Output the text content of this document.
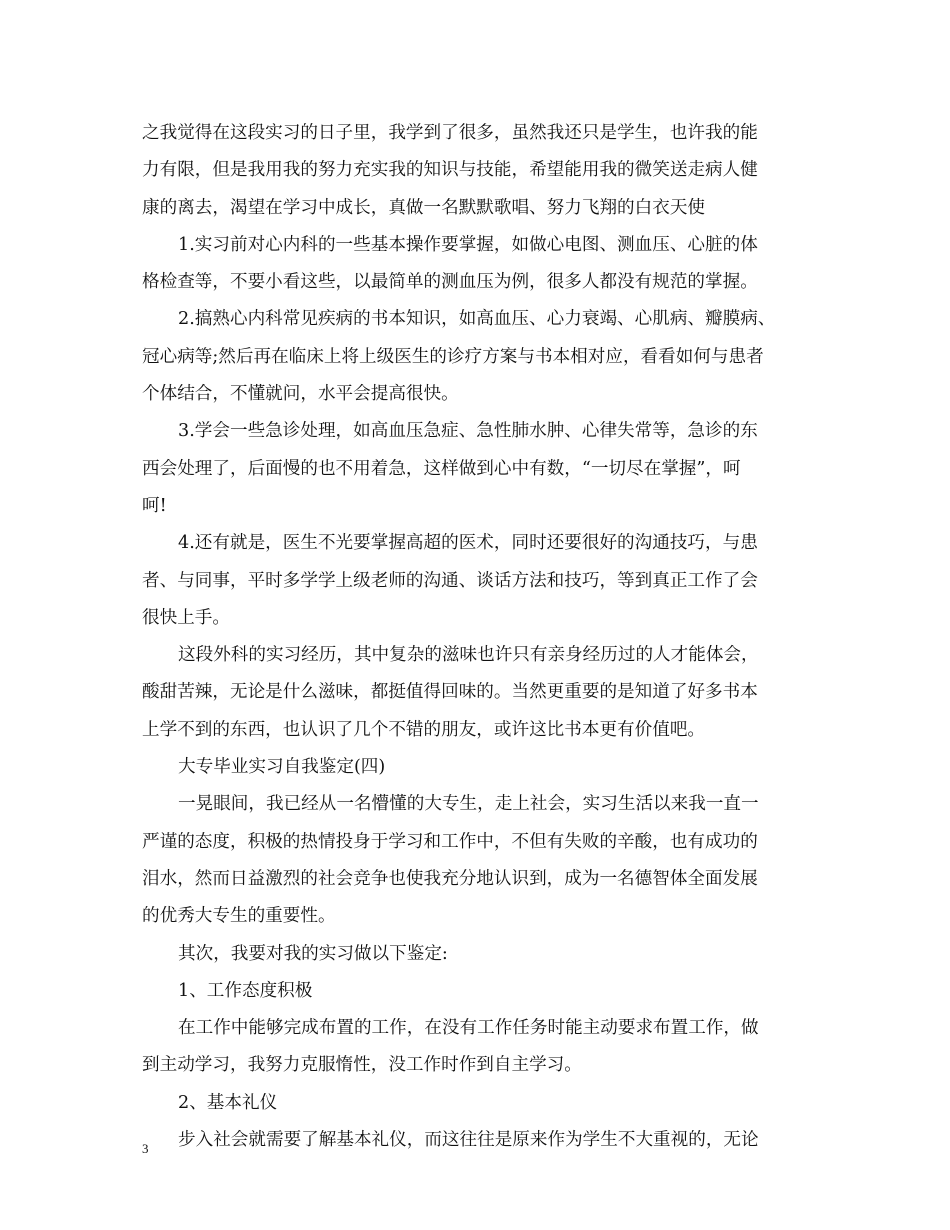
之我觉得在这段实习的日子里，我学到了很多，虽然我还只是学生，也许我的能
力有限，但是我用我的努力充实我的知识与技能，希望能用我的微笑送走病人健
康的离去，渴望在学习中成长，真做一名默默歌唱、努力飞翔的白衣天使
1.实习前对心内科的一些基本操作要掌握，如做心电图、测血压、心脏的体
格检查等，不要小看这些，以最简单的测血压为例，很多人都没有规范的掌握。
2.搞熟心内科常见疾病的书本知识，如高血压、心力衰竭、心肌病、瓣膜病、
冠心病等;然后再在临床上将上级医生的诊疗方案与书本相对应，看看如何与患者
个体结合，不懂就问，水平会提高很快。
3.学会一些急诊处理，如高血压急症、急性肺水肿、心律失常等，急诊的东
西会处理了，后面慢的也不用着急，这样做到心中有数，“一切尽在掌握”，呵
呵!
4.还有就是，医生不光要掌握高超的医术，同时还要很好的沟通技巧，与患
者、与同事，平时多学学上级老师的沟通、谈话方法和技巧，等到真正工作了会
很快上手。
这段外科的实习经历，其中复杂的滋味也许只有亲身经历过的人才能体会，
酸甜苦辣，无论是什么滋味，都挺值得回味的。当然更重要的是知道了好多书本
上学不到的东西，也认识了几个不错的朋友，或许这比书本更有价值吧。
大专毕业实习自我鉴定(四)
一晃眼间，我已经从一名懵懂的大专生，走上社会，实习生活以来我一直一
严谨的态度，积极的热情投身于学习和工作中，不但有失败的辛酸，也有成功的
泪水，然而日益激烈的社会竞争也使我充分地认识到，成为一名德智体全面发展
的优秀大专生的重要性。
其次，我要对我的实习做以下鉴定:
1、工作态度积极
在工作中能够完成布置的工作，在没有工作任务时能主动要求布置工作，做
到主动学习，我努力克服惰性，没工作时作到自主学习。
2、基本礼仪
步入社会就需要了解基本礼仪，而这往往是原来作为学生不大重视的，无论
3
